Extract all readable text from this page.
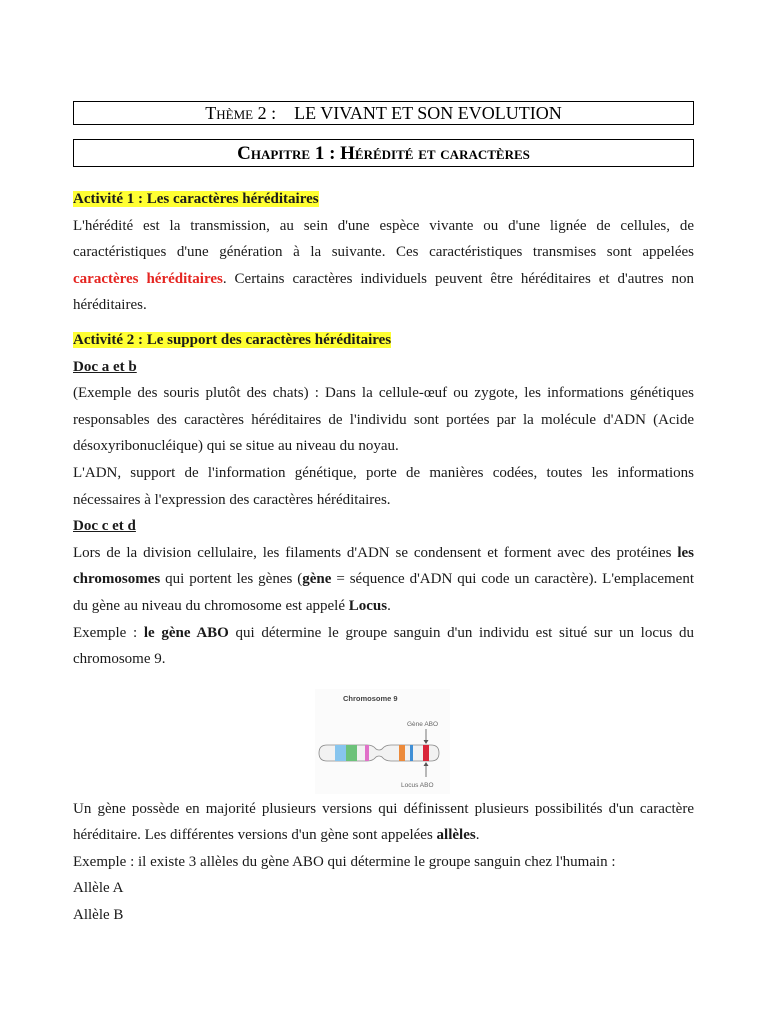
Thème 2 : LE VIVANT ET SON EVOLUTION
Chapitre 1 : Hérédité et caractères

Activité 1 : Les caractères héréditaires

L'hérédité est la transmission, au sein d'une espèce vivante ou d'une lignée de cellules, de caractéristiques d'une génération à la suivante. Ces caractéristiques transmises sont appelées caractères héréditaires. Certains caractères individuels peuvent être héréditaires et d'autres non héréditaires.

Activité 2 : Le support des caractères héréditaires

Doc a et b

(Exemple des souris plutôt des chats) : Dans la cellule-œuf ou zygote, les informations génétiques responsables des caractères héréditaires de l'individu sont portées par la molécule d'ADN (Acide désoxyribonucléique) qui se situe au niveau du noyau.

L'ADN, support de l'information génétique, porte de manières codées, toutes les informations nécessaires à l'expression des caractères héréditaires.

Doc c et d

Lors de la division cellulaire, les filaments d'ADN se condensent et forment avec des protéines les chromosomes qui portent les gènes (gène = séquence d'ADN qui code un caractère). L'emplacement du gène au niveau du chromosome est appelé Locus.

Exemple : le gène ABO qui détermine le groupe sanguin d'un individu est situé sur un locus du chromosome 9.

Chromosome 9
Gène ABO
Locus ABO

Un gène possède en majorité plusieurs versions qui définissent plusieurs possibilités d'un caractère héréditaire. Les différentes versions d'un gène sont appelées allèles.

Exemple : il existe 3 allèles du gène ABO qui détermine le groupe sanguin chez l'humain :

Allèle A

Allèle B
